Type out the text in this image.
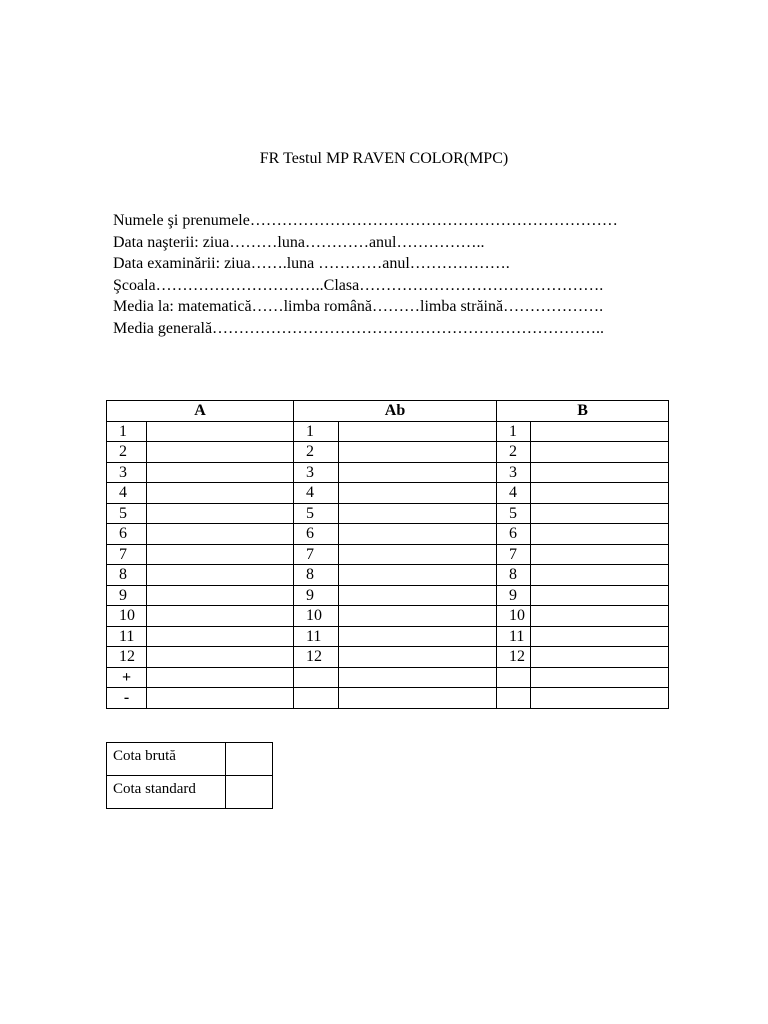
FR Testul MP RAVEN COLOR(MPC)
Numele şi prenumele……………………………………………………………
Data naşterii: ziua………luna…………anul……………..
Data examinării: ziua…….luna …………anul……………….
Şcoala…………………………..Clasa……………………………………….
Media la: matematică……limba română………limba străină……………….
Media generală………………………………………………………………..
A		Ab		B	
1		1		1	
2		2		2	
3		3		3	
4		4		4	
5		5		5	
6		6		6	
7		7		7	
8		8		8	
9		9		9	
10		10		10	
11		11		11	
12		12		12	
+					
-					
Cota brută	
Cota standard	
